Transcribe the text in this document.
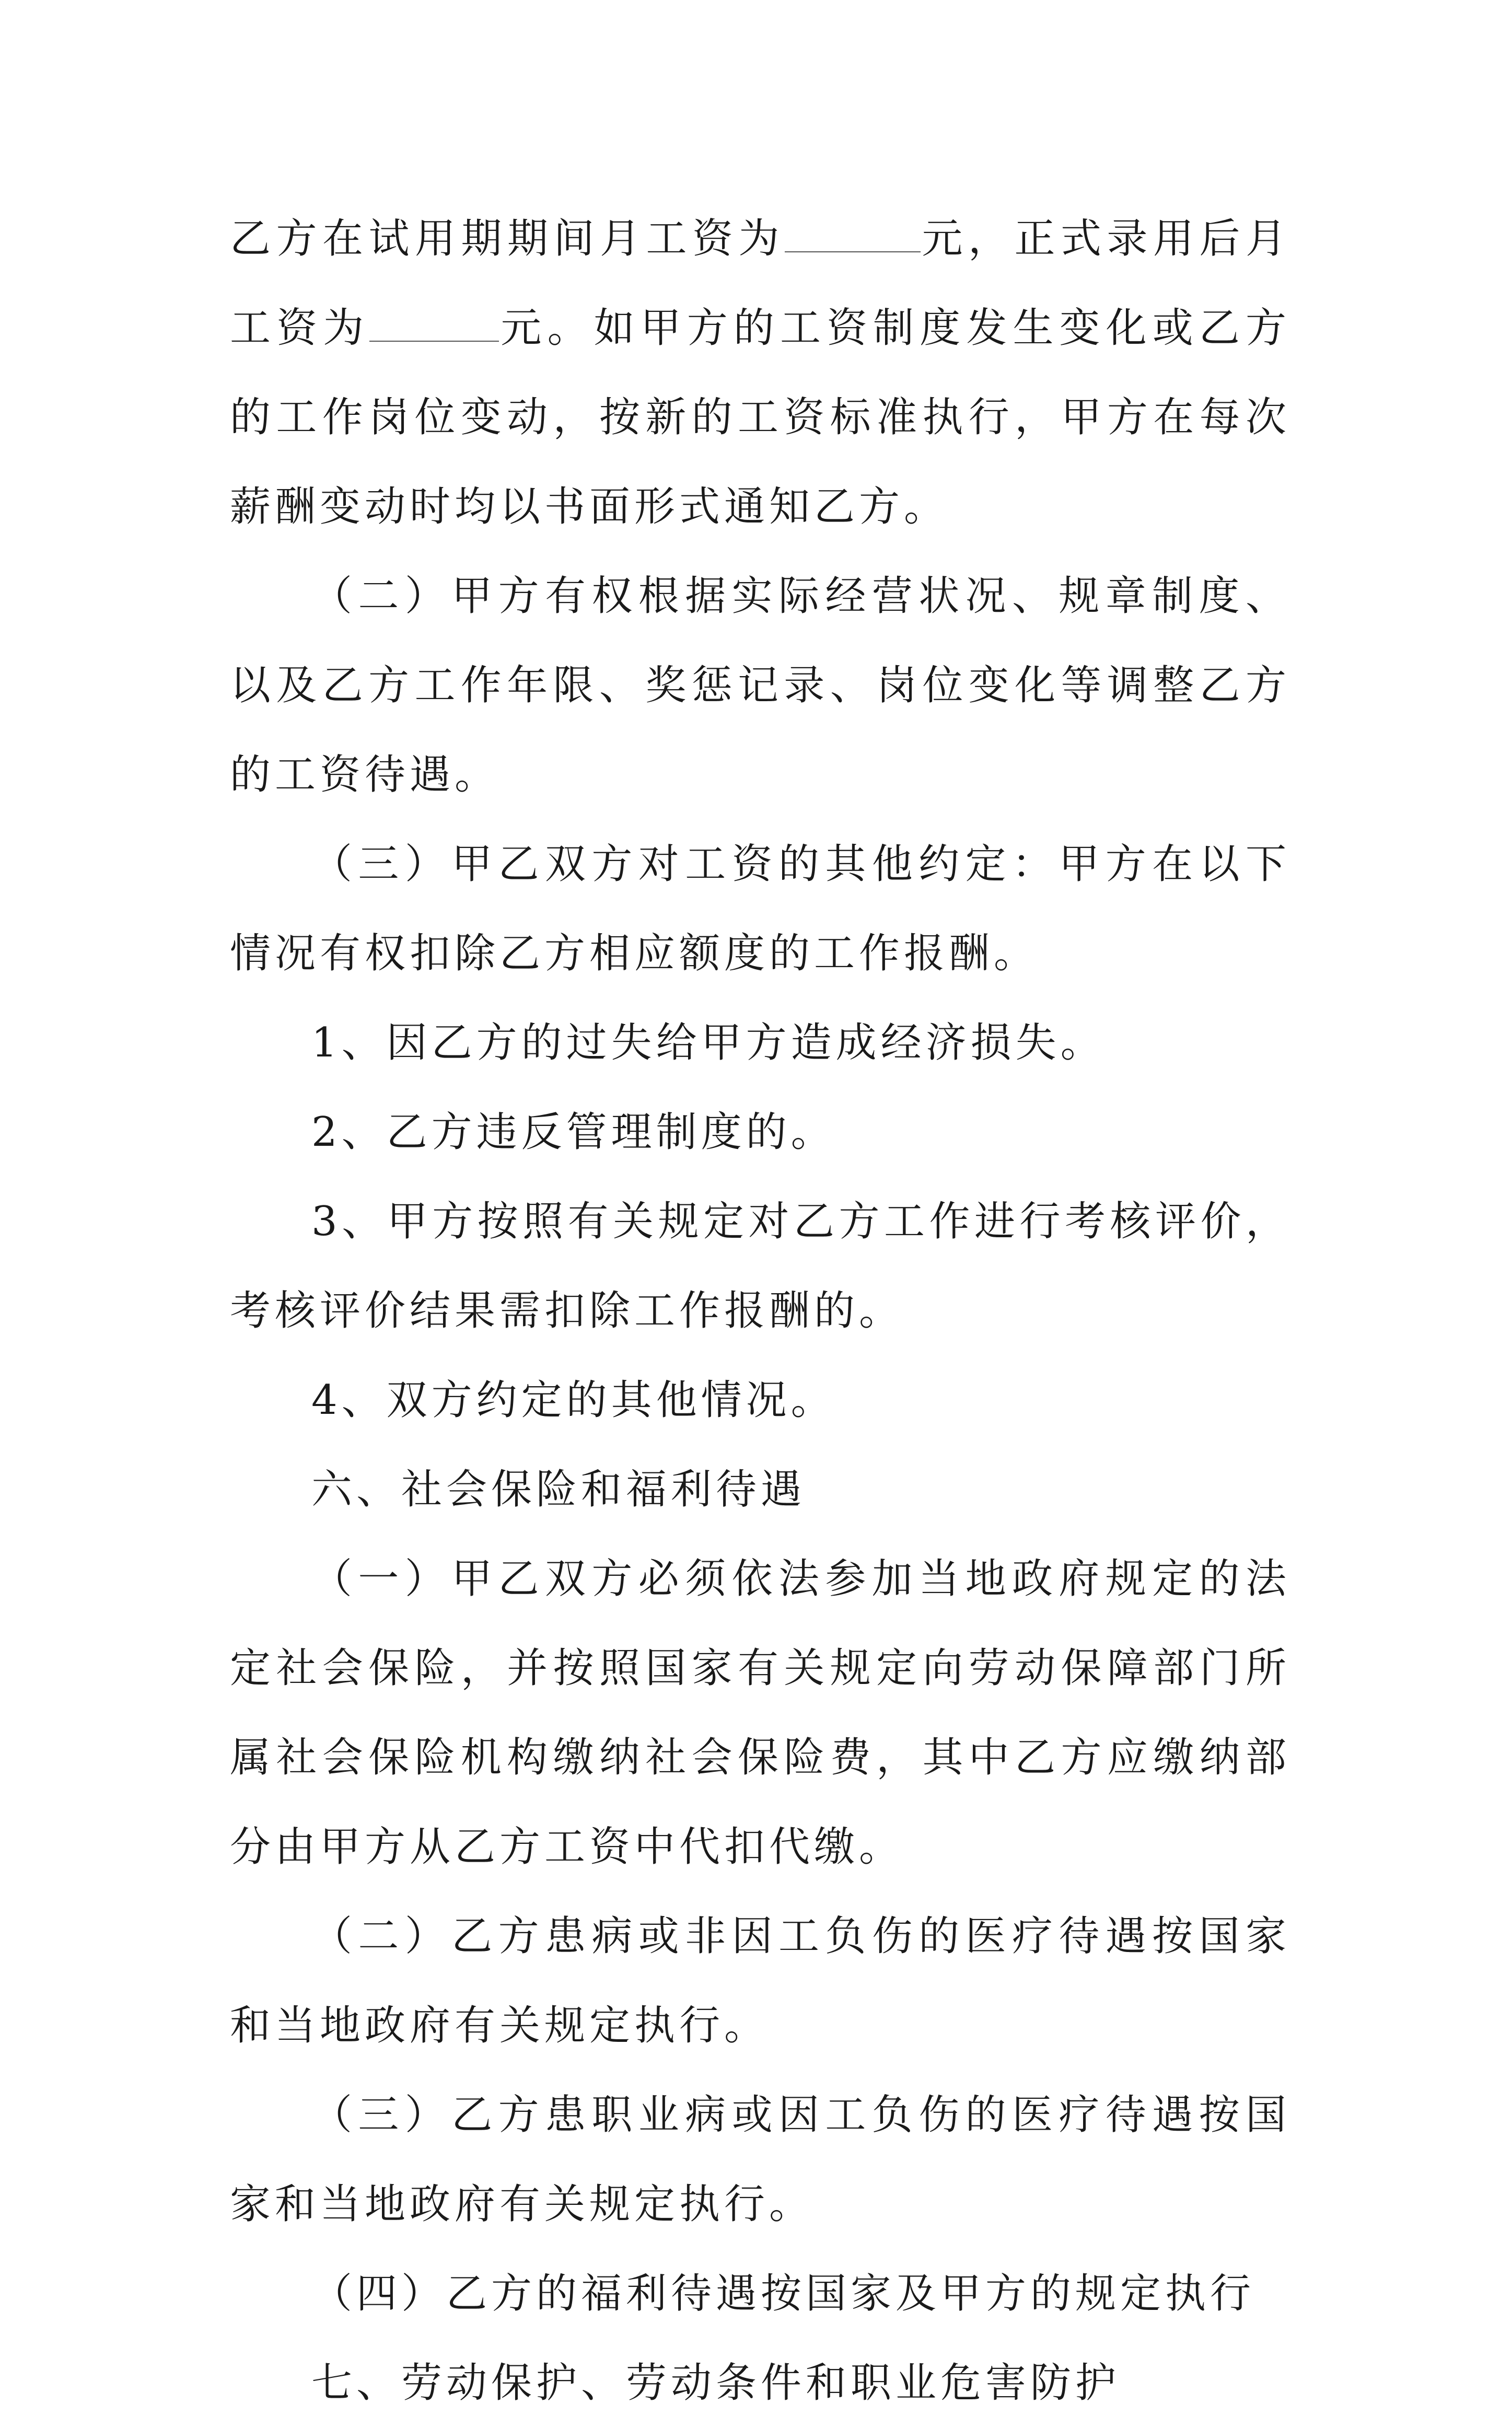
乙方在试用期期间月工资为	元，正式录用后月工资为	元。如甲方的工资制度发生变化或乙方的工作岗位变动，按新的工资标准执行，甲方在每次薪酬变动时均以书面形式通知乙方。

（二）甲方有权根据实际经营状况、规章制度、以及乙方工作年限、奖惩记录、岗位变化等调整乙方的工资待遇。

（三）甲乙双方对工资的其他约定：甲方在以下情况有权扣除乙方相应额度的工作报酬。

1、因乙方的过失给甲方造成经济损失。

2、乙方违反管理制度的。

3、甲方按照有关规定对乙方工作进行考核评价，考核评价结果需扣除工作报酬的。

4、双方约定的其他情况。

六、社会保险和福利待遇

（一）甲乙双方必须依法参加当地政府规定的法定社会保险，并按照国家有关规定向劳动保障部门所属社会保险机构缴纳社会保险费，其中乙方应缴纳部分由甲方从乙方工资中代扣代缴。

（二）乙方患病或非因工负伤的医疗待遇按国家和当地政府有关规定执行。

（三）乙方患职业病或因工负伤的医疗待遇按国家和当地政府有关规定执行。

（四）乙方的福利待遇按国家及甲方的规定执行

七、劳动保护、劳动条件和职业危害防护
